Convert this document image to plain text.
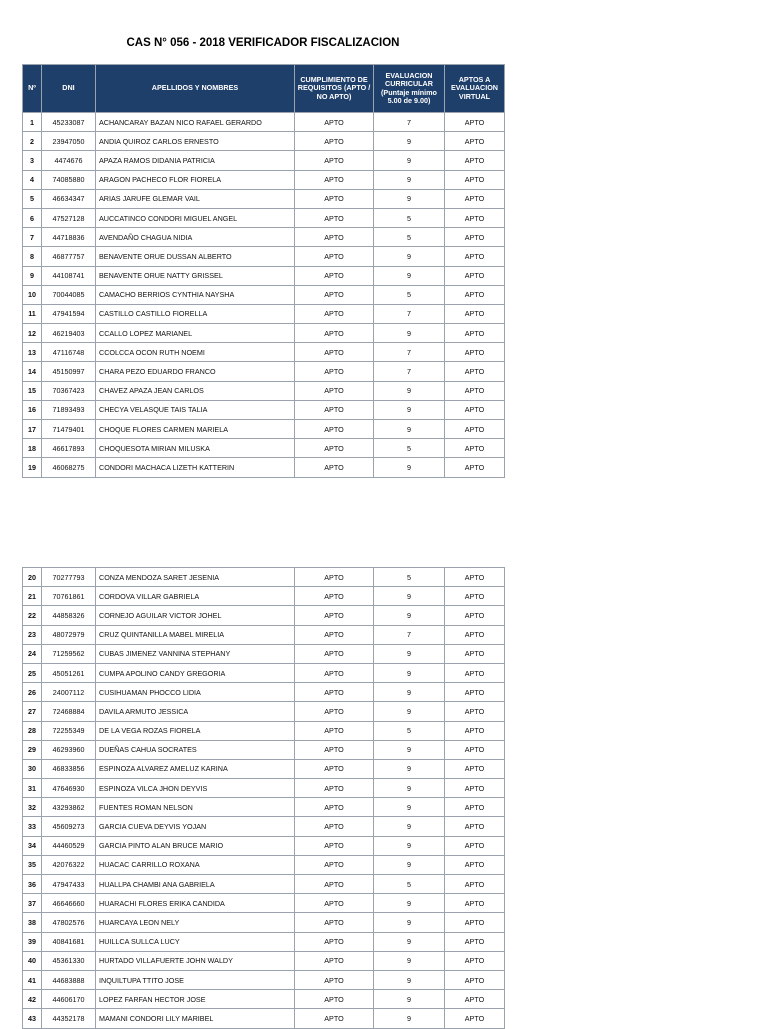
CAS N° 056 - 2018 VERIFICADOR FISCALIZACION
Nº	DNI	APELLIDOS Y NOMBRES	CUMPLIMIENTO DE REQUISITOS (APTO / NO APTO)	EVALUACION CURRICULAR (Puntaje mínimo 5.00 de 9.00)	APTOS A EVALUACION VIRTUAL
1	45233087	ACHANCARAY BAZAN NICO RAFAEL GERARDO	APTO	7	APTO
2	23947050	ANDIA QUIROZ CARLOS ERNESTO	APTO	9	APTO
3	4474676	APAZA RAMOS DIDANIA PATRICIA	APTO	9	APTO
4	74085880	ARAGON PACHECO FLOR FIORELA	APTO	9	APTO
5	46634347	ARIAS JARUFE GLEMAR VAIL	APTO	9	APTO
6	47527128	AUCCATINCO CONDORI MIGUEL ANGEL	APTO	5	APTO
7	44718836	AVENDAÑO CHAGUA NIDIA	APTO	5	APTO
8	46877757	BENAVENTE ORUE DUSSAN ALBERTO	APTO	9	APTO
9	44108741	BENAVENTE ORUE NATTY GRISSEL	APTO	9	APTO
10	70044085	CAMACHO BERRIOS CYNTHIA NAYSHA	APTO	5	APTO
11	47941594	CASTILLO CASTILLO FIORELLA	APTO	7	APTO
12	46219403	CCALLO LOPEZ MARIANEL	APTO	9	APTO
13	47116748	CCOLCCA OCON RUTH NOEMI	APTO	7	APTO
14	45150997	CHARA PEZO EDUARDO FRANCO	APTO	7	APTO
15	70367423	CHAVEZ APAZA JEAN CARLOS	APTO	9	APTO
16	71893493	CHECYA VELASQUE TAIS TALIA	APTO	9	APTO
17	71479401	CHOQUE FLORES CARMEN MARIELA	APTO	9	APTO
18	46617893	CHOQUESOTA MIRIAN MILUSKA	APTO	5	APTO
19	46068275	CONDORI MACHACA LIZETH KATTERIN	APTO	9	APTO
20	70277793	CONZA MENDOZA SARET JESENIA	APTO	5	APTO
21	70761861	CORDOVA VILLAR GABRIELA	APTO	9	APTO
22	44858326	CORNEJO AGUILAR VICTOR JOHEL	APTO	9	APTO
23	48072979	CRUZ QUINTANILLA MABEL MIRELIA	APTO	7	APTO
24	71259562	CUBAS JIMENEZ VANNINA STEPHANY	APTO	9	APTO
25	45051261	CUMPA APOLINO CANDY GREGORIA	APTO	9	APTO
26	24007112	CUSIHUAMAN PHOCCO LIDIA	APTO	9	APTO
27	72468884	DAVILA ARMUTO JESSICA	APTO	9	APTO
28	72255349	DE LA VEGA ROZAS FIORELA	APTO	5	APTO
29	46293960	DUEÑAS CAHUA SOCRATES	APTO	9	APTO
30	46833856	ESPINOZA ALVAREZ AMELUZ KARINA	APTO	9	APTO
31	47646930	ESPINOZA VILCA JHON DEYVIS	APTO	9	APTO
32	43293862	FUENTES ROMAN NELSON	APTO	9	APTO
33	45609273	GARCIA CUEVA DEYVIS YOJAN	APTO	9	APTO
34	44460529	GARCIA PINTO ALAN BRUCE MARIO	APTO	9	APTO
35	42076322	HUACAC CARRILLO ROXANA	APTO	9	APTO
36	47947433	HUALLPA CHAMBI ANA GABRIELA	APTO	5	APTO
37	46646660	HUARACHI FLORES ERIKA CANDIDA	APTO	9	APTO
38	47802576	HUARCAYA LEON NELY	APTO	9	APTO
39	40841681	HUILLCA SULLCA LUCY	APTO	9	APTO
40	45361330	HURTADO VILLAFUERTE JOHN WALDY	APTO	9	APTO
41	44683888	INQUILTUPA TTITO JOSE	APTO	9	APTO
42	44606170	LOPEZ FARFAN HECTOR JOSE	APTO	9	APTO
43	44352178	MAMANI CONDORI LILY MARIBEL	APTO	9	APTO
